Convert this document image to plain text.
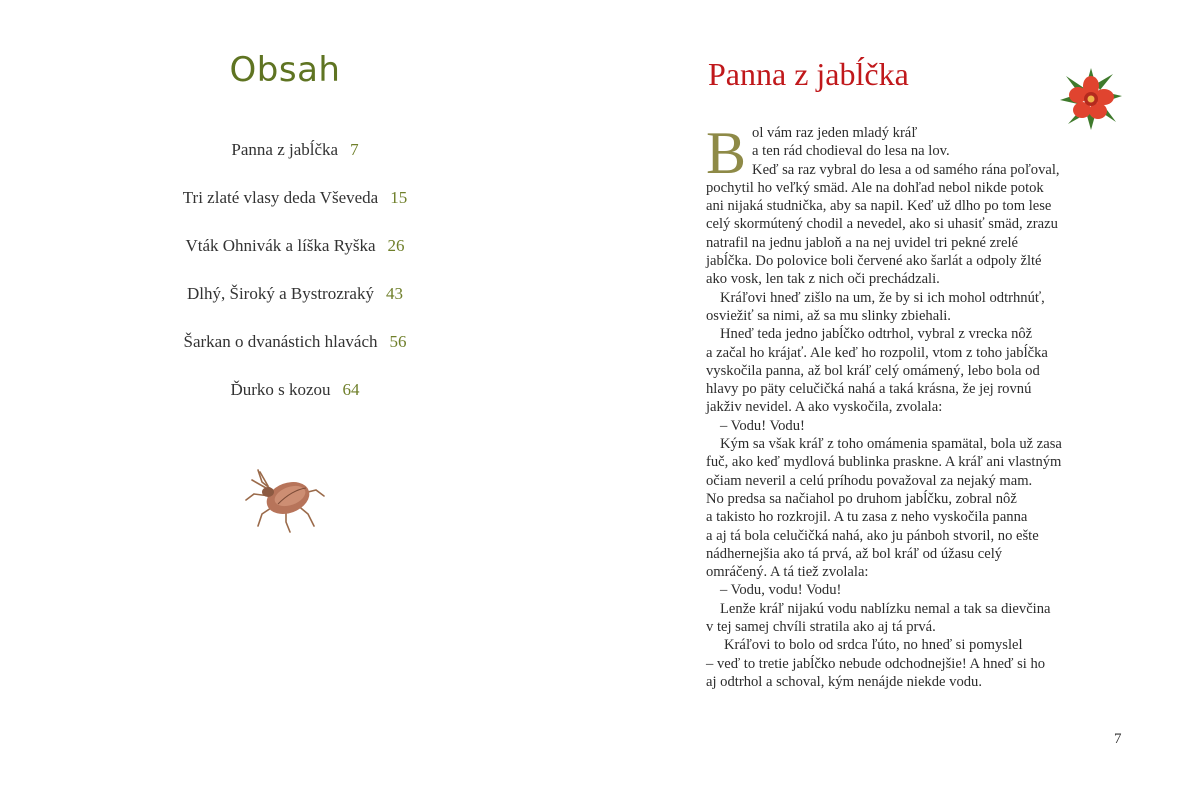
Obsah
Panna z jabĺčka 7
Tri zlaté vlasy deda Vševeda 15
Vták Ohnivák a líška Ryška 26
Dlhý, Široký a Bystrozraký 43
Šarkan o dvanástich hlavách 56
Ďurko s kozou 64
Panna z jabĺčka
B ol vám raz jeden mladý kráľ
a ten rád chodieval do lesa na lov.
Keď sa raz vybral do lesa a od samého rána poľoval,
pochytil ho veľký smäd. Ale na dohľad nebol nikde potok
ani nijaká studnička, aby sa napil. Keď už dlho po tom lese
celý skormútený chodil a nevedel, ako si uhasiť smäd, zrazu
natrafil na jednu jabloň a na nej uvidel tri pekné zrelé
jabĺčka. Do polovice boli červené ako šarlát a odpoly žlté
ako vosk, len tak z nich oči prechádzali.
Kráľovi hneď zišlo na um, že by si ich mohol odtrhnúť,
osviežiť sa nimi, až sa mu slinky zbiehali.
Hneď teda jedno jabĺčko odtrhol, vybral z vrecka nôž
a začal ho krájať. Ale keď ho rozpolil, vtom z toho jabĺčka
vyskočila panna, až bol kráľ celý omámený, lebo bola od
hlavy po päty celučičká nahá a taká krásna, že jej rovnú
jakživ nevidel. A ako vyskočila, zvolala:
– Vodu! Vodu!
Kým sa však kráľ z toho omámenia spamätal, bola už zasa
fuč, ako keď mydlová bublinka praskne. A kráľ ani vlastným
očiam neveril a celú príhodu považoval za nejaký mam.
No predsa sa načiahol po druhom jabĺčku, zobral nôž
a takisto ho rozkrojil. A tu zasa z neho vyskočila panna
a aj tá bola celučičká nahá, ako ju pánboh stvoril, no ešte
nádhernejšia ako tá prvá, až bol kráľ od úžasu celý
omráčený. A tá tiež zvolala:
– Vodu, vodu! Vodu!
Lenže kráľ nijakú vodu nablízku nemal a tak sa dievčina
v tej samej chvíli stratila ako aj tá prvá.
Kráľovi to bolo od srdca ľúto, no hneď si pomyslel
– veď to tretie jabĺčko nebude odchodnejšie! A hneď si ho
aj odtrhol a schoval, kým nenájde niekde vodu.
7
